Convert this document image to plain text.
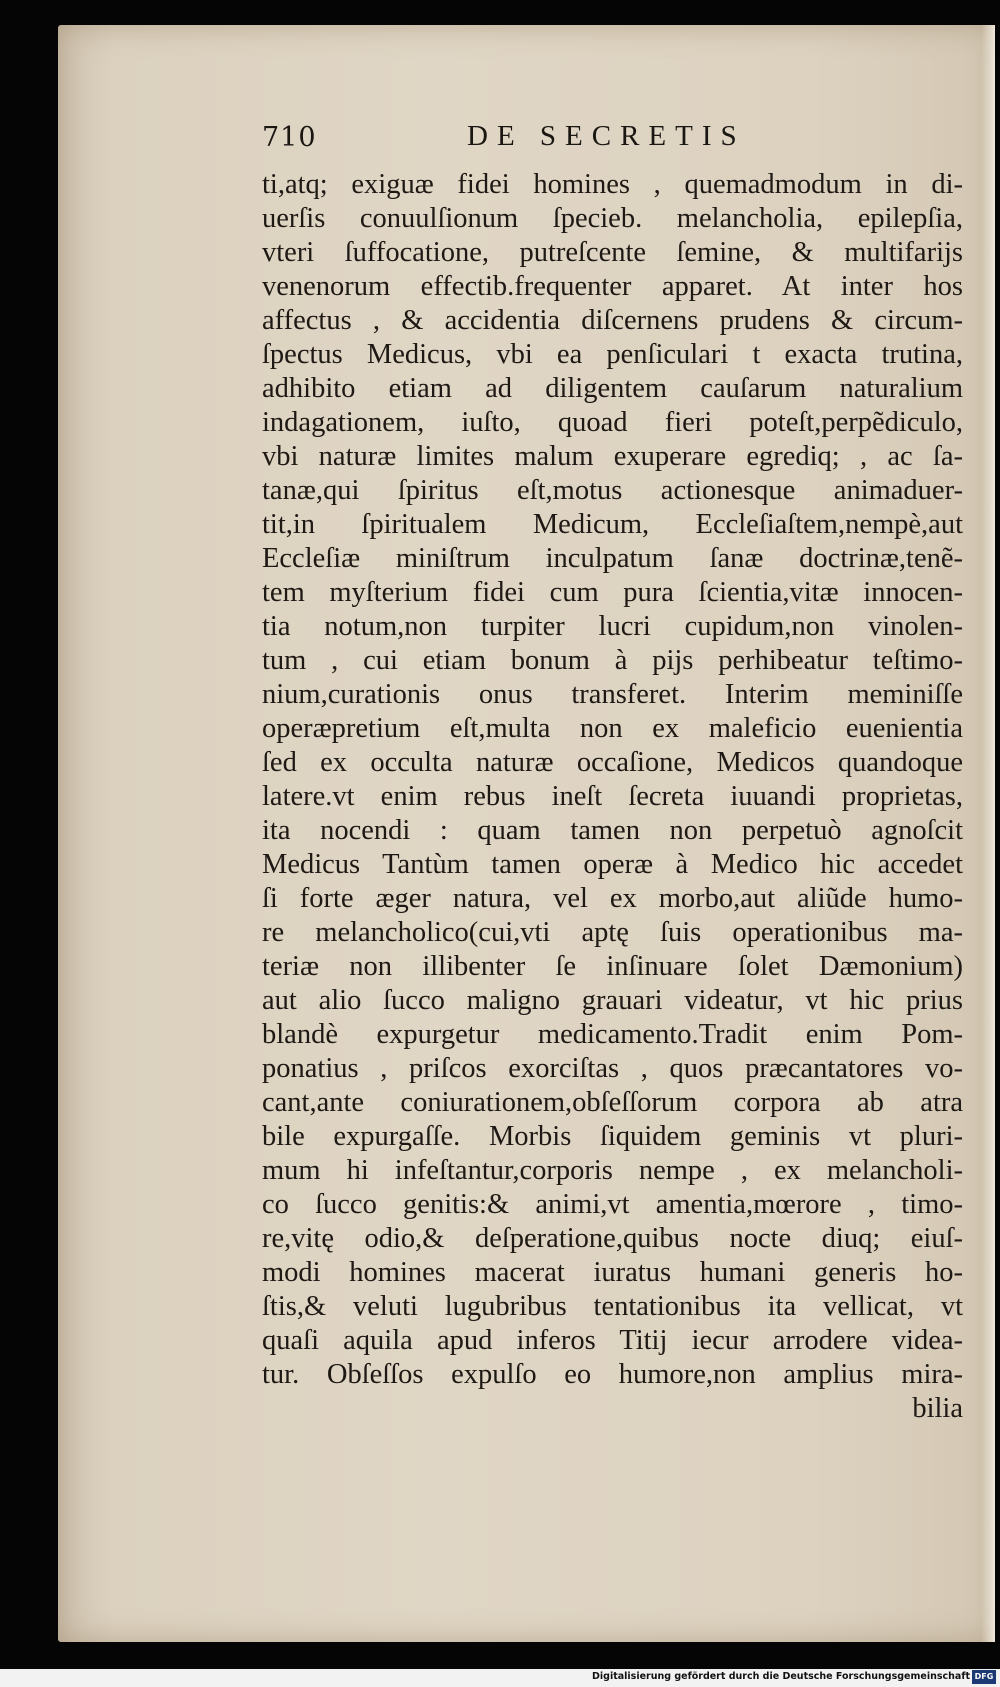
710	DE SECRETIS
ti,atq; exiguæ fidei homines , quemadmodum in di-
uerſis conuulſionum ſpecieb. melancholia, epilepſia,
vteri ſuffocatione, putreſcente ſemine, & multifarijs
venenorum effectib.frequenter apparet. At inter hos
affectus , & accidentia diſcernens prudens & circum-
ſpectus Medicus, vbi ea penſiculari t exacta trutina,
adhibito etiam ad diligentem cauſarum naturalium
indagationem, iuſto, quoad fieri poteſt,perpẽdiculo,
vbi naturæ limites malum exuperare egrediq; , ac ſa-
tanæ,qui ſpiritus eſt,motus actionesque animaduer-
tit,in ſpiritualem Medicum, Eccleſiaſtem,nempè,aut
Eccleſiæ miniſtrum inculpatum ſanæ doctrinæ,tenẽ-
tem myſterium fidei cum pura ſcientia,vitæ innocen-
tia notum,non turpiter lucri cupidum,non vinolen-
tum , cui etiam bonum à pijs perhibeatur teſtimo-
nium,curationis onus transferet. Interim meminiſſe
operæpretium eſt,multa non ex maleficio euenientia
ſed ex occulta naturæ occaſione, Medicos quandoque
latere.vt enim rebus ineſt ſecreta iuuandi proprietas,
ita nocendi : quam tamen non perpetuò agnoſcit
Medicus Tantùm tamen operæ à Medico hic accedet
ſi forte æger natura, vel ex morbo,aut aliũde humo-
re melancholico(cui,vti aptę ſuis operationibus ma-
teriæ non illibenter ſe inſinuare ſolet Dæmonium)
aut alio ſucco maligno grauari videatur, vt hic prius
blandè expurgetur medicamento.Tradit enim Pom-
ponatius , priſcos exorciſtas , quos præcantatores vo-
cant,ante coniurationem,obſeſſorum corpora ab atra
bile expurgaſſe. Morbis ſiquidem geminis vt pluri-
mum hi infeſtantur,corporis nempe , ex melancholi-
co ſucco genitis:& animi,vt amentia,mœrore , timo-
re,vitę odio,& deſperatione,quibus nocte diuq; eiuſ-
modi homines macerat iuratus humani generis ho-
ſtis,& veluti lugubribus tentationibus ita vellicat, vt
quaſi aquila apud inferos Titij iecur arrodere videa-
tur. Obſeſſos expulſo eo humore,non amplius mira-
bilia
Digitalisierung gefördert durch die Deutsche Forschungsgemeinschaft DFG
